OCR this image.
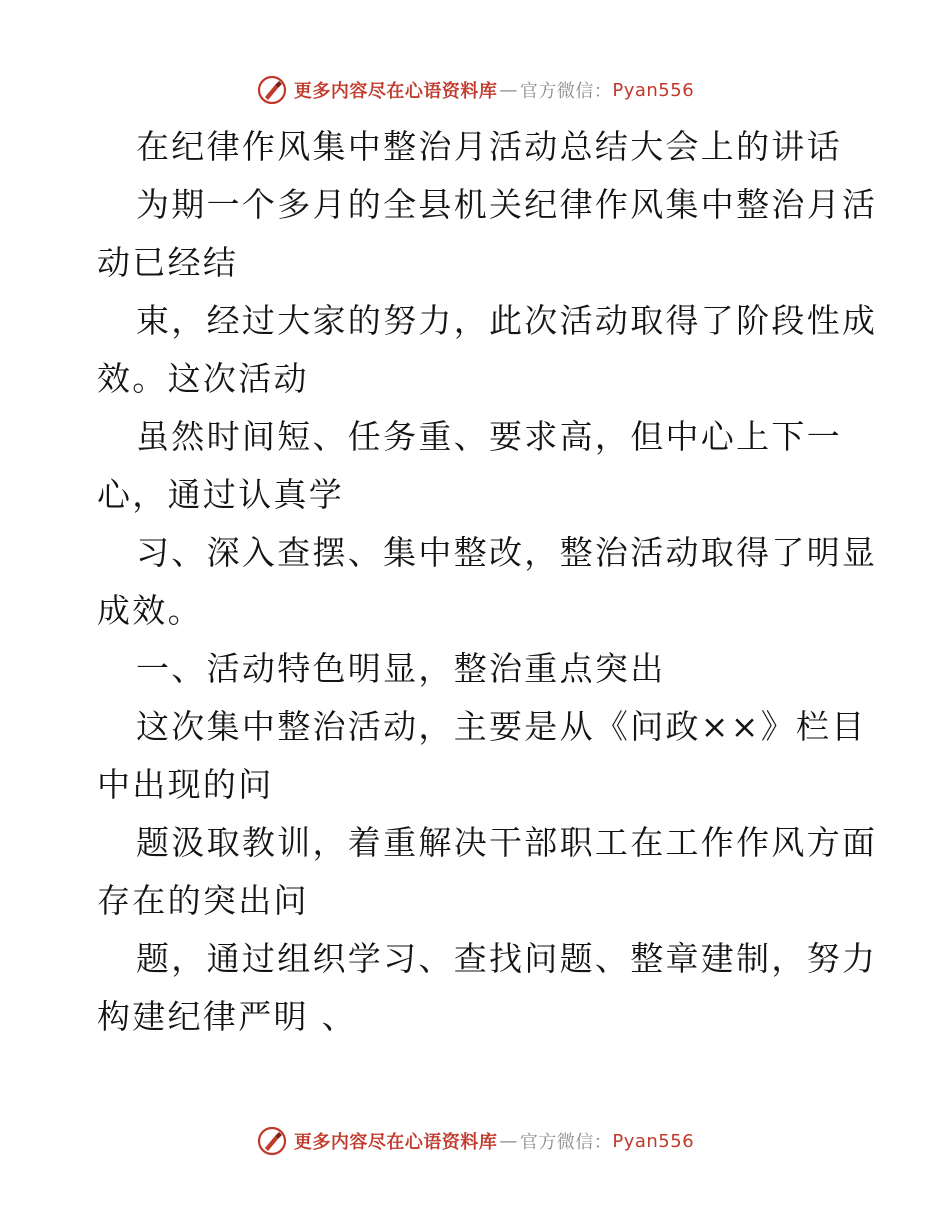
更多内容尽在心语资料库 — 官方微信： Pyan556
在纪律作风集中整治月活动总结大会上的讲话
为期一个多月的全县机关纪律作风集中整治月活
动已经结
束，经过大家的努力，此次活动取得了阶段性成
效。这次活动
虽然时间短、任务重、要求高，但中心上下一
心，通过认真学
习、深入查摆、集中整改，整治活动取得了明显
成效。
一、活动特色明显，整治重点突出
这次集中整治活动，主要是从《问政××》栏目
中出现的问
题汲取教训，着重解决干部职工在工作作风方面
存在的突出问
题，通过组织学习、查找问题、整章建制，努力
构建纪律严明 、
更多内容尽在心语资料库 — 官方微信： Pyan556
